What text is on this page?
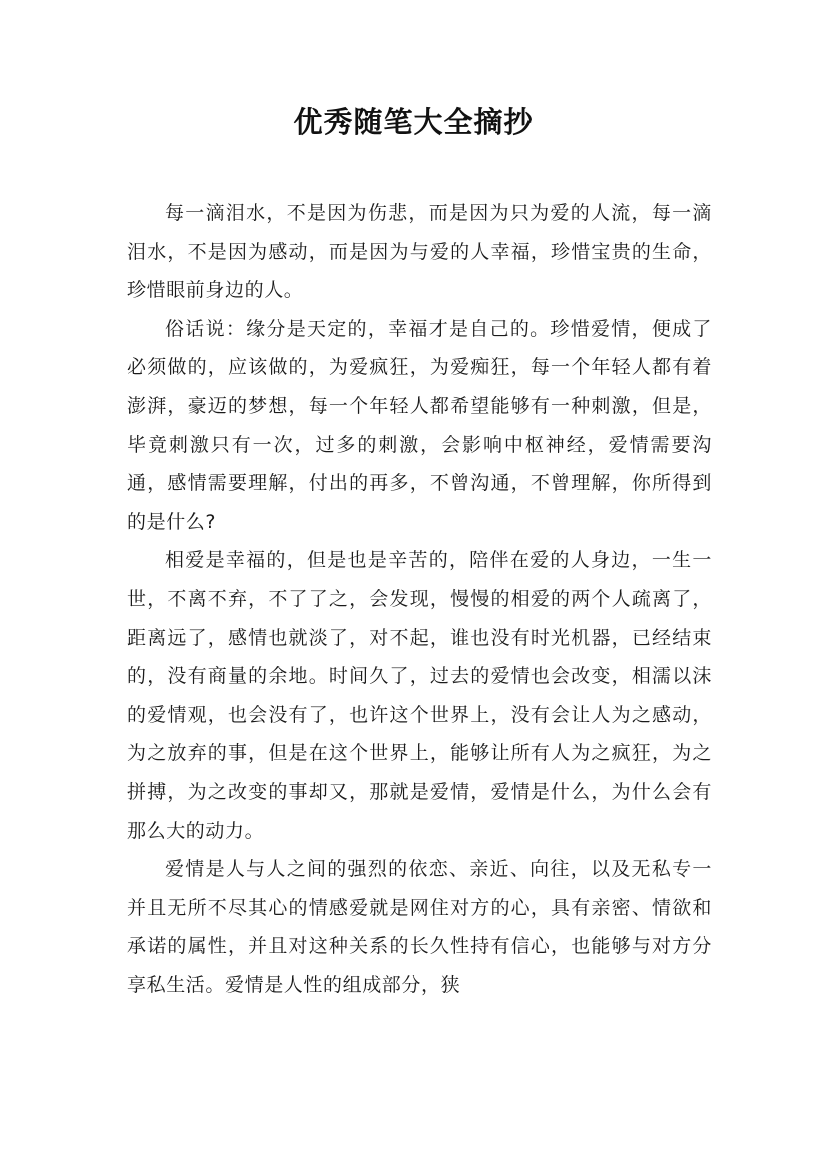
优秀随笔大全摘抄

每一滴泪水，不是因为伤悲，而是因为只为爱的人流，每一滴泪水，不是因为感动，而是因为与爱的人幸福，珍惜宝贵的生命，珍惜眼前身边的人。

俗话说：缘分是天定的，幸福才是自己的。珍惜爱情，便成了必须做的，应该做的，为爱疯狂，为爱痴狂，每一个年轻人都有着澎湃，豪迈的梦想，每一个年轻人都希望能够有一种刺激，但是，毕竟刺激只有一次，过多的刺激，会影响中枢神经，爱情需要沟通，感情需要理解，付出的再多，不曾沟通，不曾理解，你所得到的是什么?

相爱是幸福的，但是也是辛苦的，陪伴在爱的人身边，一生一世，不离不弃，不了了之，会发现，慢慢的相爱的两个人疏离了，距离远了，感情也就淡了，对不起，谁也没有时光机器，已经结束的，没有商量的余地。时间久了，过去的爱情也会改变，相濡以沫的爱情观，也会没有了，也许这个世界上，没有会让人为之感动，为之放弃的事，但是在这个世界上，能够让所有人为之疯狂，为之拼搏，为之改变的事却又，那就是爱情，爱情是什么，为什么会有那么大的动力。

爱情是人与人之间的强烈的依恋、亲近、向往，以及无私专一并且无所不尽其心的情感爱就是网住对方的心，具有亲密、情欲和承诺的属性，并且对这种关系的长久性持有信心，也能够与对方分享私生活。爱情是人性的组成部分，狭
